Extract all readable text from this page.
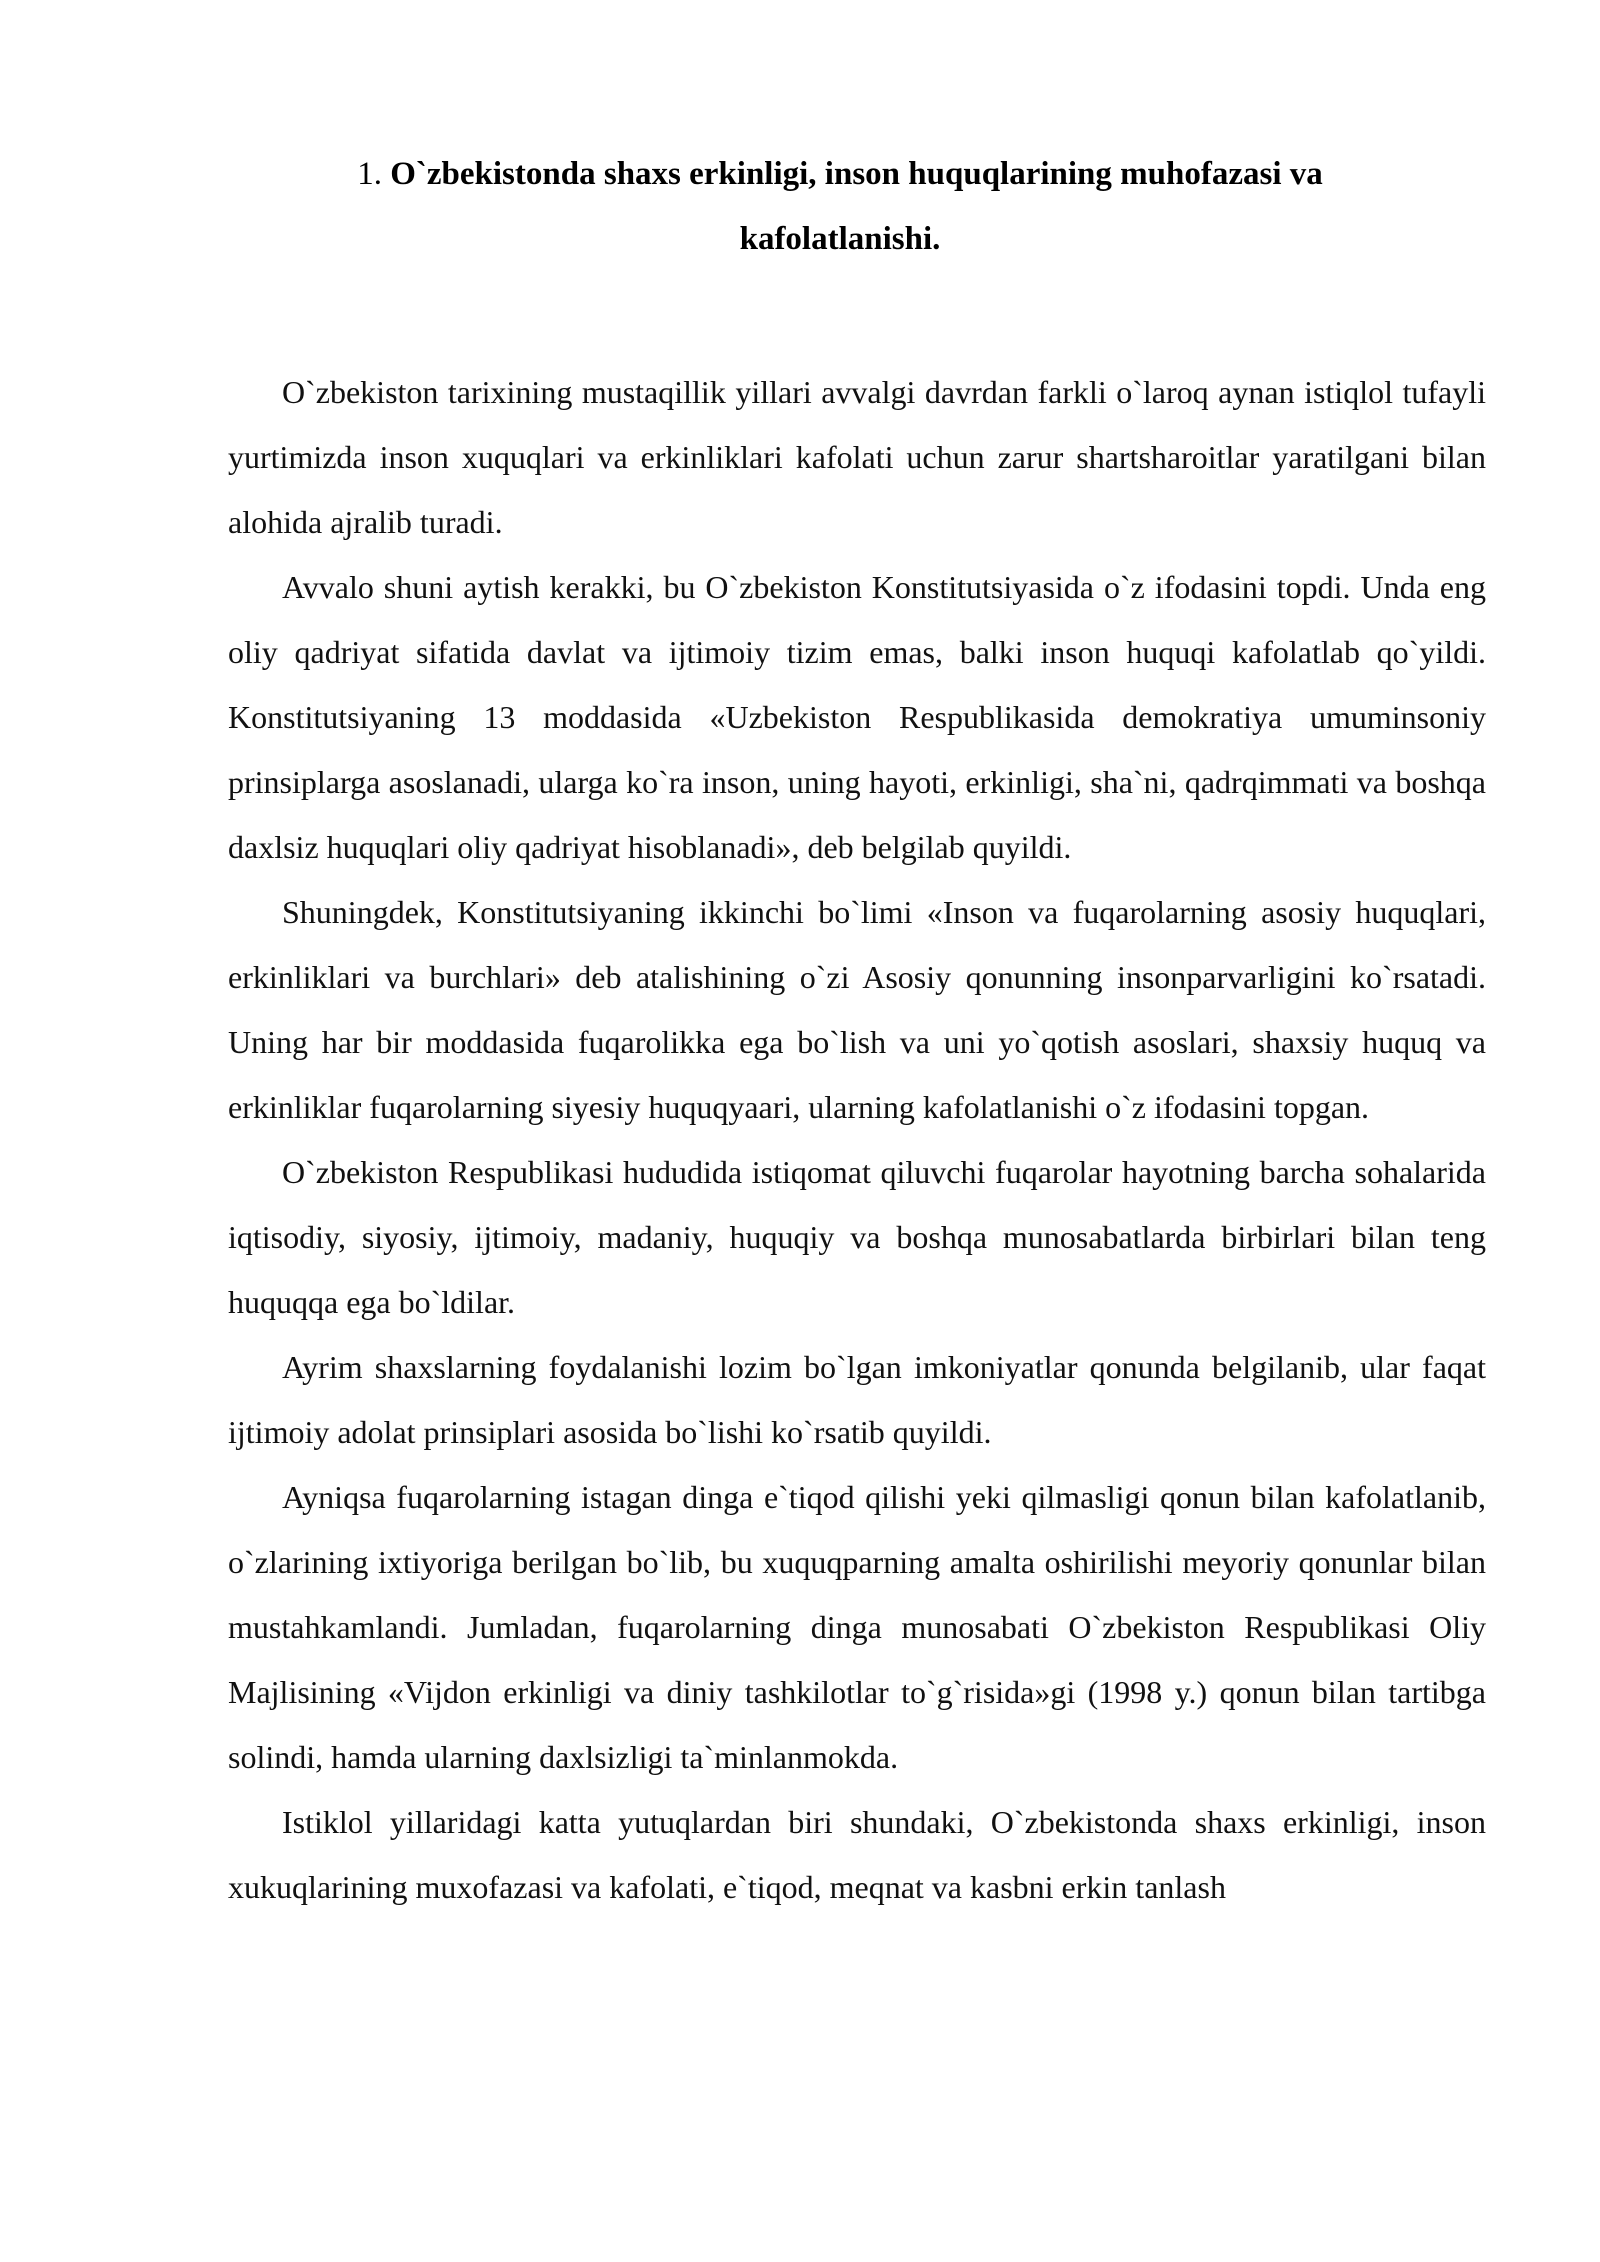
1. O`zbekistonda shaxs erkinligi, inson huquqlarining muhofazasi va kafolatlanishi.

O`zbekiston tarixining mustaqillik yillari avvalgi davrdan farkli o`laroq aynan istiqlol tufayli yurtimizda inson xuquqlari va erkinliklari kafolati uchun zarur shartsharoitlar yaratilgani bilan alohida ajralib turadi.

Avvalo shuni aytish kerakki, bu O`zbekiston Konstitutsiyasida o`z ifodasini topdi. Unda eng oliy qadriyat sifatida davlat va ijtimoiy tizim emas, balki inson huquqi kafolatlab qo`yildi. Konstitutsiyaning 13 moddasida «Uzbekiston Respublikasida demokratiya umuminsoniy prinsiplarga asoslanadi, ularga ko`ra inson, uning hayoti, erkinligi, sha`ni, qadrqimmati va boshqa daxlsiz huquqlari oliy qadriyat hisoblanadi», deb belgilab quyildi.

Shuningdek, Konstitutsiyaning ikkinchi bo`limi «Inson va fuqarolarning asosiy huquqlari, erkinliklari va burchlari» deb atalishining o`zi Asosiy qonunning insonparvarligini ko`rsatadi. Uning har bir moddasida fuqarolikka ega bo`lish va uni yo`qotish asoslari, shaxsiy huquq va erkinliklar fuqarolarning siyesiy huquqyaari, ularning kafolatlanishi o`z ifodasini topgan.

O`zbekiston Respublikasi hududida istiqomat qiluvchi fuqarolar hayotning barcha sohalarida iqtisodiy, siyosiy, ijtimoiy, madaniy, huquqiy va boshqa munosabatlarda birbirlari bilan teng huquqqa ega bo`ldilar.

Ayrim shaxslarning foydalanishi lozim bo`lgan imkoniyatlar qonunda belgilanib, ular faqat ijtimoiy adolat prinsiplari asosida bo`lishi ko`rsatib quyildi.

Ayniqsa fuqarolarning istagan dinga e`tiqod qilishi yeki qilmasligi qonun bilan kafolatlanib, o`zlarining ixtiyoriga berilgan bo`lib, bu xuquqparning amalta oshirilishi meyoriy qonunlar bilan mustahkamlandi. Jumladan, fuqarolarning dinga munosabati O`zbekiston Respublikasi Oliy Majlisining «Vijdon erkinligi va diniy tashkilotlar to`g`risida»gi (1998 y.) qonun bilan tartibga solindi, hamda ularning daxlsizligi ta`minlanmokda.

Istiklol yillaridagi katta yutuqlardan biri shundaki, O`zbekistonda shaxs erkinligi, inson xukuqlarining muxofazasi va kafolati, e`tiqod, meqnat va kasbni erkin tanlash
